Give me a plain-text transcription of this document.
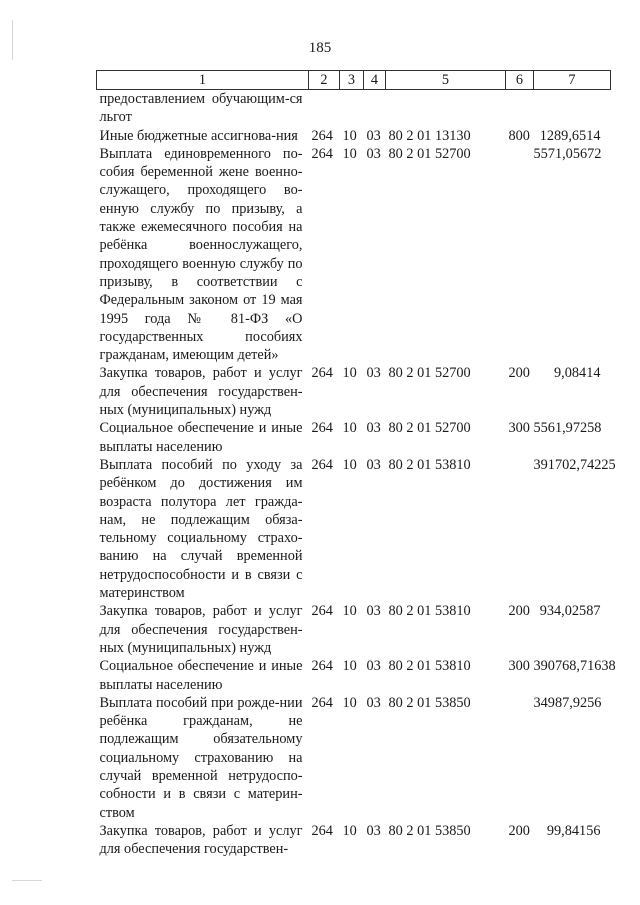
185
1	2	3	4	5	6	7
предоставлением обучающим-ся льгот						
Иные бюджетные ассигнова-ния	264	10	03	80 2 01 13130	800	1289,6514
Выплата единовременного по-собия беременной жене военно-служащего, проходящего во-енную службу по призыву, а также ежемесячного пособия на ребёнка военнослужащего, проходящего военную службу по призыву, в соответствии с Федеральным законом от 19 мая 1995 года № 81-ФЗ «О государственных пособиях гражданам, имеющим детей»	264	10	03	80 2 01 52700		5571,05672
Закупка товаров, работ и услуг для обеспечения государствен-ных (муниципальных) нужд	264	10	03	80 2 01 52700	200	9,08414
Социальное обеспечение и иные выплаты населению	264	10	03	80 2 01 52700	300	5561,97258
Выплата пособий по уходу за ребёнком до достижения им возраста полутора лет гражда-нам, не подлежащим обяза-тельному социальному страхо-ванию на случай временной нетрудоспособности и в связи с материнством	264	10	03	80 2 01 53810		391702,74225
Закупка товаров, работ и услуг для обеспечения государствен-ных (муниципальных) нужд	264	10	03	80 2 01 53810	200	934,02587
Социальное обеспечение и иные выплаты населению	264	10	03	80 2 01 53810	300	390768,71638
Выплата пособий при рожде-нии ребёнка гражданам, не подлежащим обязательному социальному страхованию на случай временной нетрудоспо-собности и в связи с материн-ством	264	10	03	80 2 01 53850		34987,9256
Закупка товаров, работ и услуг для обеспечения государствен-	264	10	03	80 2 01 53850	200	99,84156
